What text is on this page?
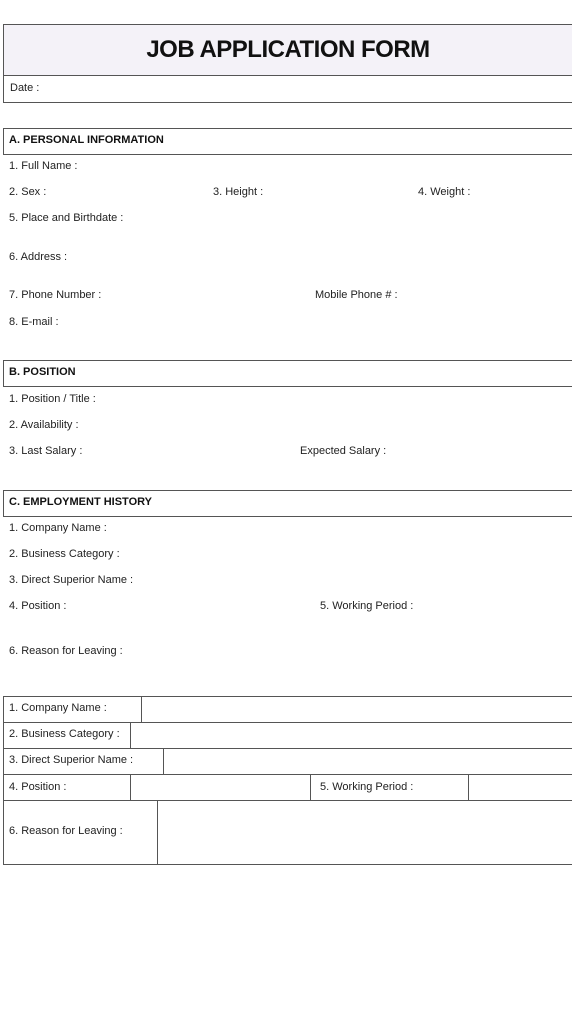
JOB APPLICATION FORM
Date :
A. PERSONAL INFORMATION
1. Full Name :
2. Sex :	3. Height :	4. Weight :
5. Place and Birthdate :
6. Address :
7. Phone Number :	Mobile Phone # :
8. E-mail :
B. POSITION
1. Position / Title :
2. Availability :
3. Last Salary :	Expected Salary :
C. EMPLOYMENT HISTORY
1. Company Name :
2. Business Category :
3. Direct Superior Name :
4. Position :	5. Working Period :
6. Reason for Leaving :
1. Company Name :
2. Business Category :
3. Direct Superior Name :
4. Position :	5. Working Period :
6. Reason for Leaving :
